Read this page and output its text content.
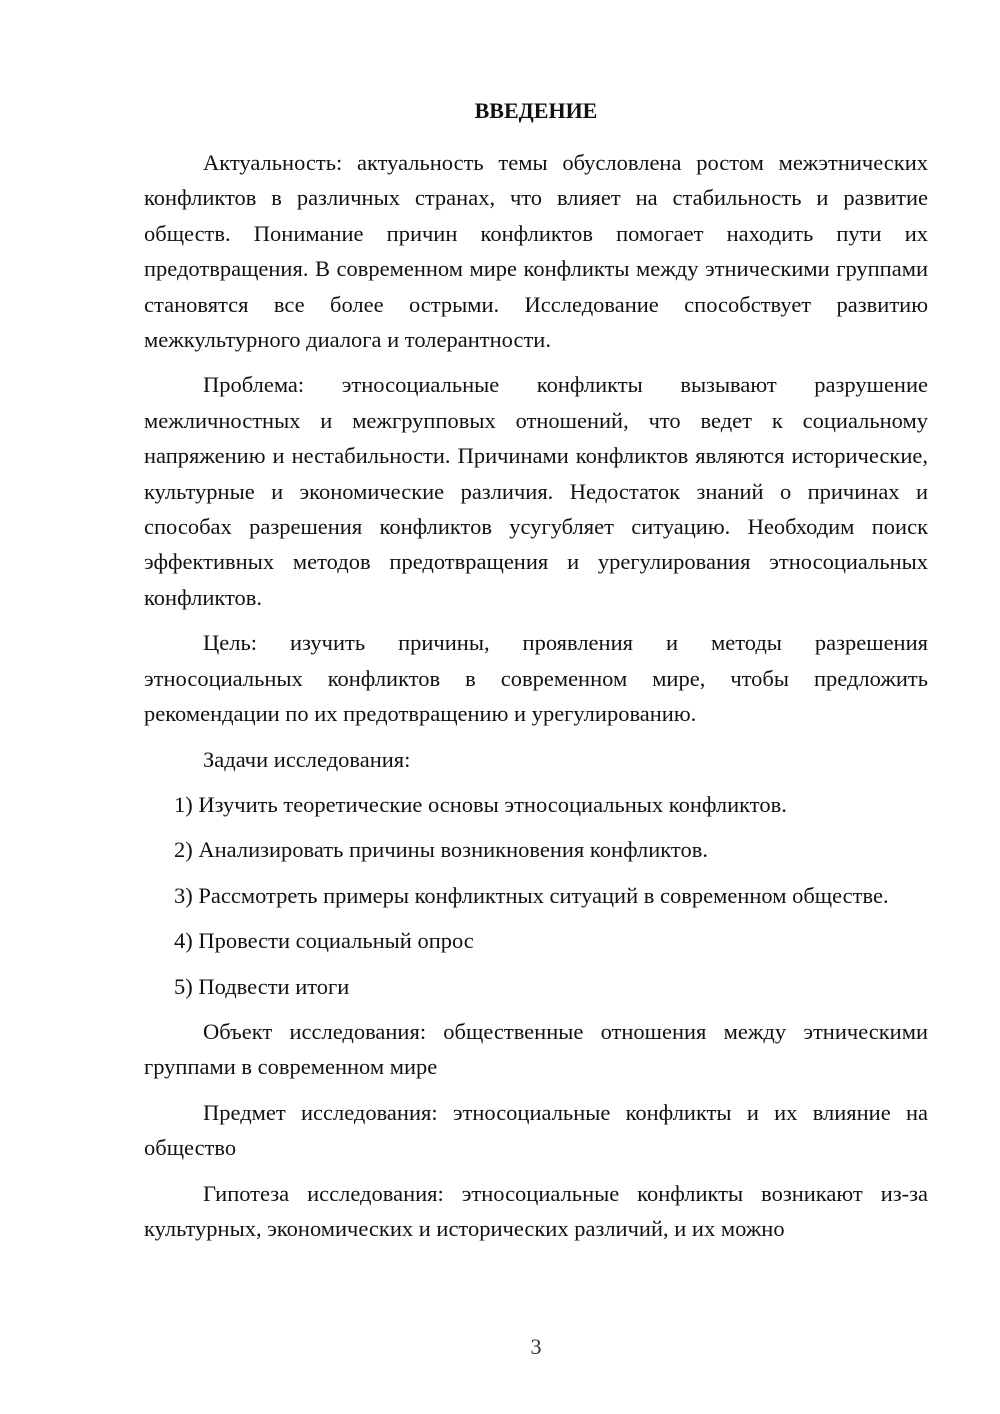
ВВЕДЕНИЕ

Актуальность: актуальность темы обусловлена ростом межэтнических конфликтов в различных странах, что влияет на стабильность и развитие обществ. Понимание причин конфликтов помогает находить пути их предотвращения. В современном мире конфликты между этническими группами становятся все более острыми. Исследование способствует развитию межкультурного диалога и толерантности.

Проблема: этносоциальные конфликты вызывают разрушение межличностных и межгрупповых отношений, что ведет к социальному напряжению и нестабильности. Причинами конфликтов являются исторические, культурные и экономические различия. Недостаток знаний о причинах и способах разрешения конфликтов усугубляет ситуацию. Необходим поиск эффективных методов предотвращения и урегулирования этносоциальных конфликтов.

Цель: изучить причины, проявления и методы разрешения этносоциальных конфликтов в современном мире, чтобы предложить рекомендации по их предотвращению и урегулированию.

Задачи исследования:

1) Изучить теоретические основы этносоциальных конфликтов.

2) Анализировать причины возникновения конфликтов.

3) Рассмотреть примеры конфликтных ситуаций в современном обществе.

4) Провести социальный опрос

5) Подвести итоги

Объект исследования: общественные отношения между этническими группами в современном мире

Предмет исследования: этносоциальные конфликты и их влияние на общество

Гипотеза исследования: этносоциальные конфликты возникают из-за культурных, экономических и исторических различий, и их можно

3
